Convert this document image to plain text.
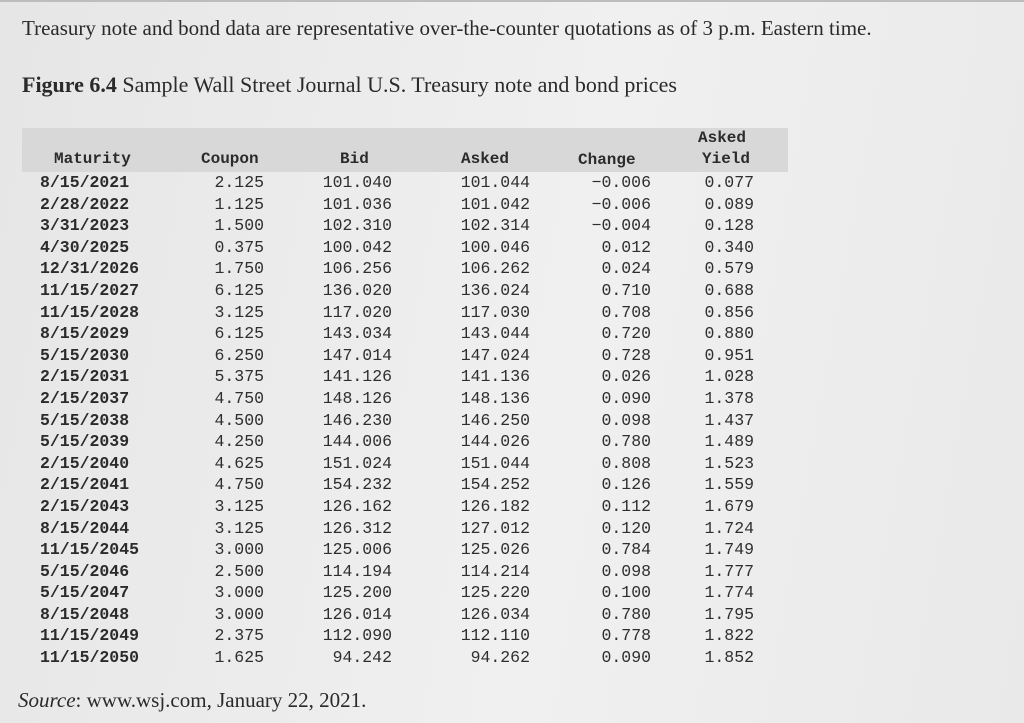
Treasury note and bond data are representative over-the-counter quotations as of 3 p.m. Eastern time.
Figure 6.4 Sample Wall Street Journal U.S. Treasury note and bond prices
Maturity	Coupon	Bid	Asked	Change
Asked
Yield
8/15/2021	2.125	101.040	101.044	−0.006	0.077
2/28/2022	1.125	101.036	101.042	−0.006	0.089
3/31/2023	1.500	102.310	102.314	−0.004	0.128
4/30/2025	0.375	100.042	100.046	0.012	0.340
12/31/2026	1.750	106.256	106.262	0.024	0.579
11/15/2027	6.125	136.020	136.024	0.710	0.688
11/15/2028	3.125	117.020	117.030	0.708	0.856
8/15/2029	6.125	143.034	143.044	0.720	0.880
5/15/2030	6.250	147.014	147.024	0.728	0.951
2/15/2031	5.375	141.126	141.136	0.026	1.028
2/15/2037	4.750	148.126	148.136	0.090	1.378
5/15/2038	4.500	146.230	146.250	0.098	1.437
5/15/2039	4.250	144.006	144.026	0.780	1.489
2/15/2040	4.625	151.024	151.044	0.808	1.523
2/15/2041	4.750	154.232	154.252	0.126	1.559
2/15/2043	3.125	126.162	126.182	0.112	1.679
8/15/2044	3.125	126.312	127.012	0.120	1.724
11/15/2045	3.000	125.006	125.026	0.784	1.749
5/15/2046	2.500	114.194	114.214	0.098	1.777
5/15/2047	3.000	125.200	125.220	0.100	1.774
8/15/2048	3.000	126.014	126.034	0.780	1.795
11/15/2049	2.375	112.090	112.110	0.778	1.822
11/15/2050	1.625	94.242	94.262	0.090	1.852
Source: www.wsj.com, January 22, 2021.
